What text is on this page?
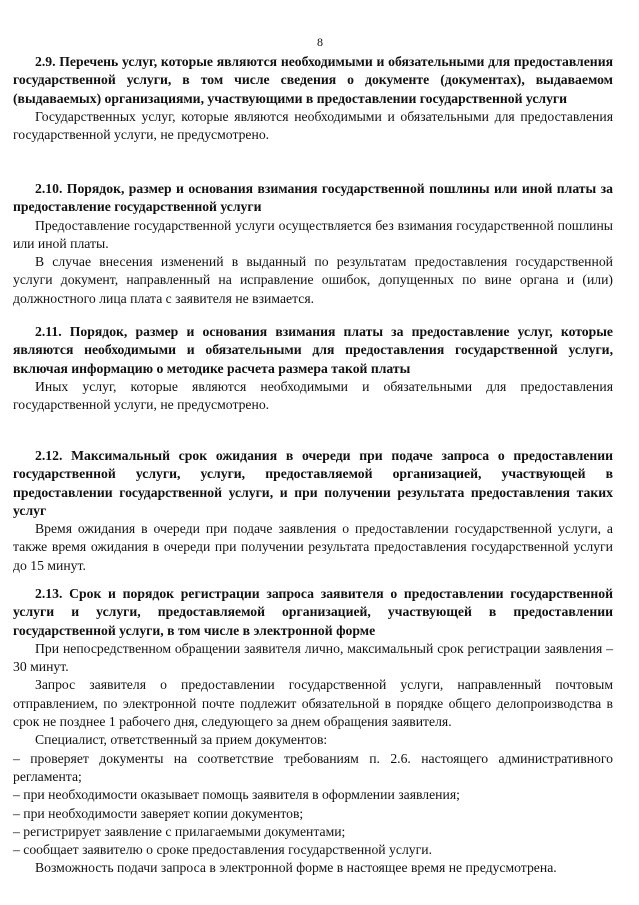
8

2.9. Перечень услуг, которые являются необходимыми и обязательными для предоставления государственной услуги, в том числе сведения о документе (документах), выдаваемом (выдаваемых) организациями, участвующими в предоставлении государственной услуги

Государственных услуг, которые являются необходимыми и обязательными для предоставления государственной услуги, не предусмотрено.

2.10. Порядок, размер и основания взимания государственной пошлины или иной платы за предоставление государственной услуги

Предоставление государственной услуги осуществляется без взимания государственной пошлины или иной платы.

В случае внесения изменений в выданный по результатам предоставления государственной услуги документ, направленный на исправление ошибок, допущенных по вине органа и (или) должностного лица плата с заявителя не взимается.

2.11. Порядок, размер и основания взимания платы за предоставление услуг, которые являются необходимыми и обязательными для предоставления государственной услуги, включая информацию о методике расчета размера такой платы

Иных услуг, которые являются необходимыми и обязательными для предоставления государственной услуги, не предусмотрено.

2.12. Максимальный срок ожидания в очереди при подаче запроса о предоставлении государственной услуги, услуги, предоставляемой организацией, участвующей в предоставлении государственной услуги, и при получении результата предоставления таких услуг

Время ожидания в очереди при подаче заявления о предоставлении государственной услуги, а также время ожидания в очереди при получении результата предоставления государственной услуги до 15 минут.

2.13. Срок и порядок регистрации запроса заявителя о предоставлении государственной услуги и услуги, предоставляемой организацией, участвующей в предоставлении государственной услуги, в том числе в электронной форме

При непосредственном обращении заявителя лично, максимальный срок регистрации заявления – 30 минут.

Запрос заявителя о предоставлении государственной услуги, направленный почтовым отправлением, по электронной почте подлежит обязательной в порядке общего делопроизводства в срок не позднее 1 рабочего дня, следующего за днем обращения заявителя.

Специалист, ответственный за прием документов:

– проверяет документы на соответствие требованиям п. 2.6. настоящего административного регламента;

– при необходимости оказывает помощь заявителя в оформлении заявления;

– при необходимости заверяет копии документов;

– регистрирует заявление с прилагаемыми документами;

– сообщает заявителю о сроке предоставления государственной услуги.

Возможность подачи запроса в электронной форме в настоящее время не предусмотрена.
